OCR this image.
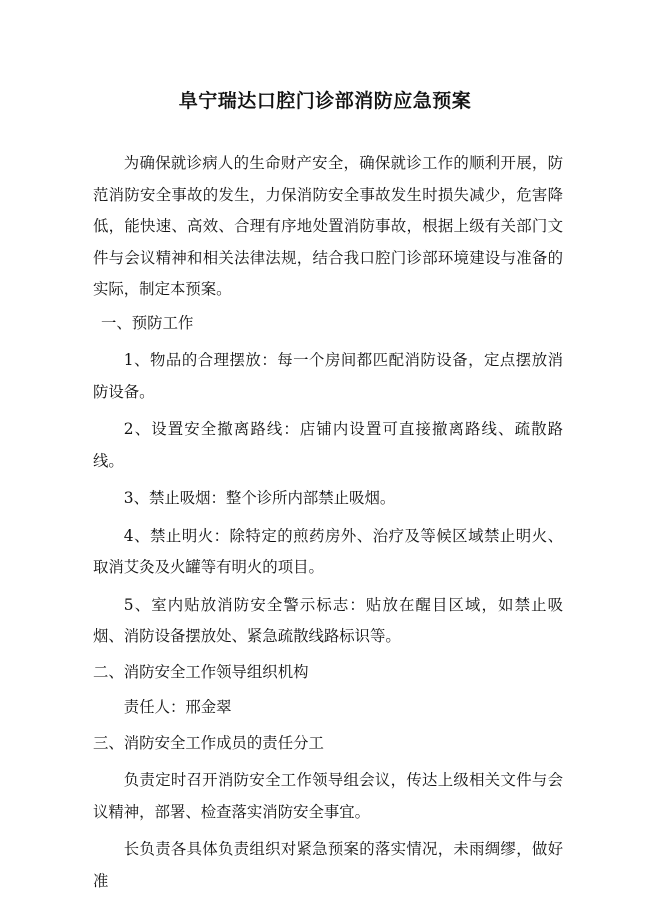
阜宁瑞达口腔门诊部消防应急预案

为确保就诊病人的生命财产安全，确保就诊工作的顺利开展，防范消防安全事故的发生，力保消防安全事故发生时损失减少，危害降低，能快速、高效、合理有序地处置消防事故，根据上级有关部门文件与会议精神和相关法律法规，结合我口腔门诊部环境建设与准备的实际，制定本预案。

一、预防工作

1、物品的合理摆放：每一个房间都匹配消防设备，定点摆放消防设备。

2、设置安全撤离路线：店铺内设置可直接撤离路线、疏散路线。

3、禁止吸烟：整个诊所内部禁止吸烟。

4、禁止明火：除特定的煎药房外、治疗及等候区域禁止明火、取消艾灸及火罐等有明火的项目。

5、室内贴放消防安全警示标志：贴放在醒目区域，如禁止吸烟、消防设备摆放处、紧急疏散线路标识等。

二、消防安全工作领导组织机构

责任人：邢金翠

三、消防安全工作成员的责任分工

负责定时召开消防安全工作领导组会议，传达上级相关文件与会议精神，部署、检查落实消防安全事宜。

长负责各具体负责组织对紧急预案的落实情况，未雨绸缪，做好准
